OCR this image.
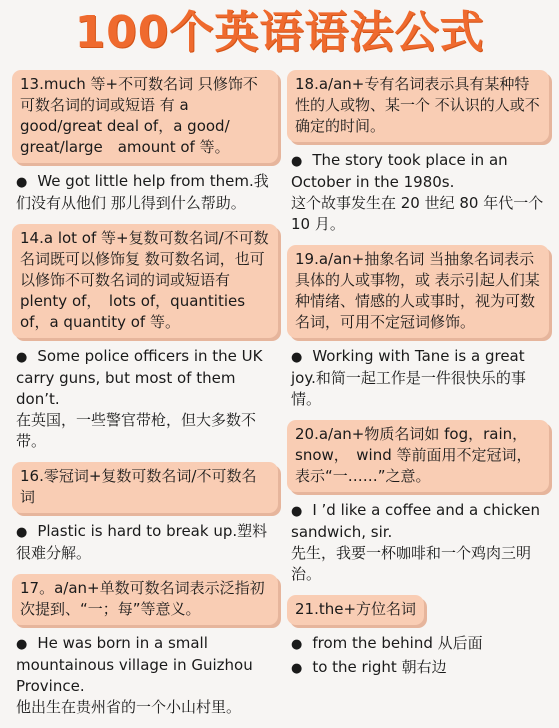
100个英语语法公式
13.much 等+不可数名词 只修饰不可数名词的词或短语 有 a good/great deal of，a good/ great/large　amount of 等。
● We got little help from them.我们没有从他们 那儿得到什么帮助。
14.a lot of 等+复数可数名词/不可数名词既可以修饰复 数可数名词，也可以修饰不可数名词的词或短语有plenty of，　lots of，quantities of，a quantity of 等。
● Some police officers in the UK carry guns, but most of them don’t.
在英国，一些警官带枪，但大多数不带。
16.零冠词+复数可数名词/不可数名词
● Plastic is hard to break up.塑料很难分解。
17。a/an+单数可数名词表示泛指初次提到、“一；每”等意义。
● He was born in a small mountainous village in Guizhou Province.
他出生在贵州省的一个小山村里。
18.a/an+专有名词表示具有某种特性的人或物、某一个 不认识的人或不确定的时间。
● The story took place in an October in the 1980s.
这个故事发生在 20 世纪 80 年代一个 10 月。
19.a/an+抽象名词 当抽象名词表示具体的人或事物，或 表示引起人们某种情绪、情感的人或事时，视为可数 名词，可用不定冠词修饰。
● Working with Tane is a great joy.和简一起工作是一件很快乐的事情。
20.a/an+物质名词如 fog，rain，snow，　wind 等前面用不定冠词，表示“一……”之意。
● I ’d like a coffee and a chicken sandwich, sir.
先生，我要一杯咖啡和一个鸡肉三明治。
21.the+方位名词
● from the behind 从后面
● to the right 朝右边
